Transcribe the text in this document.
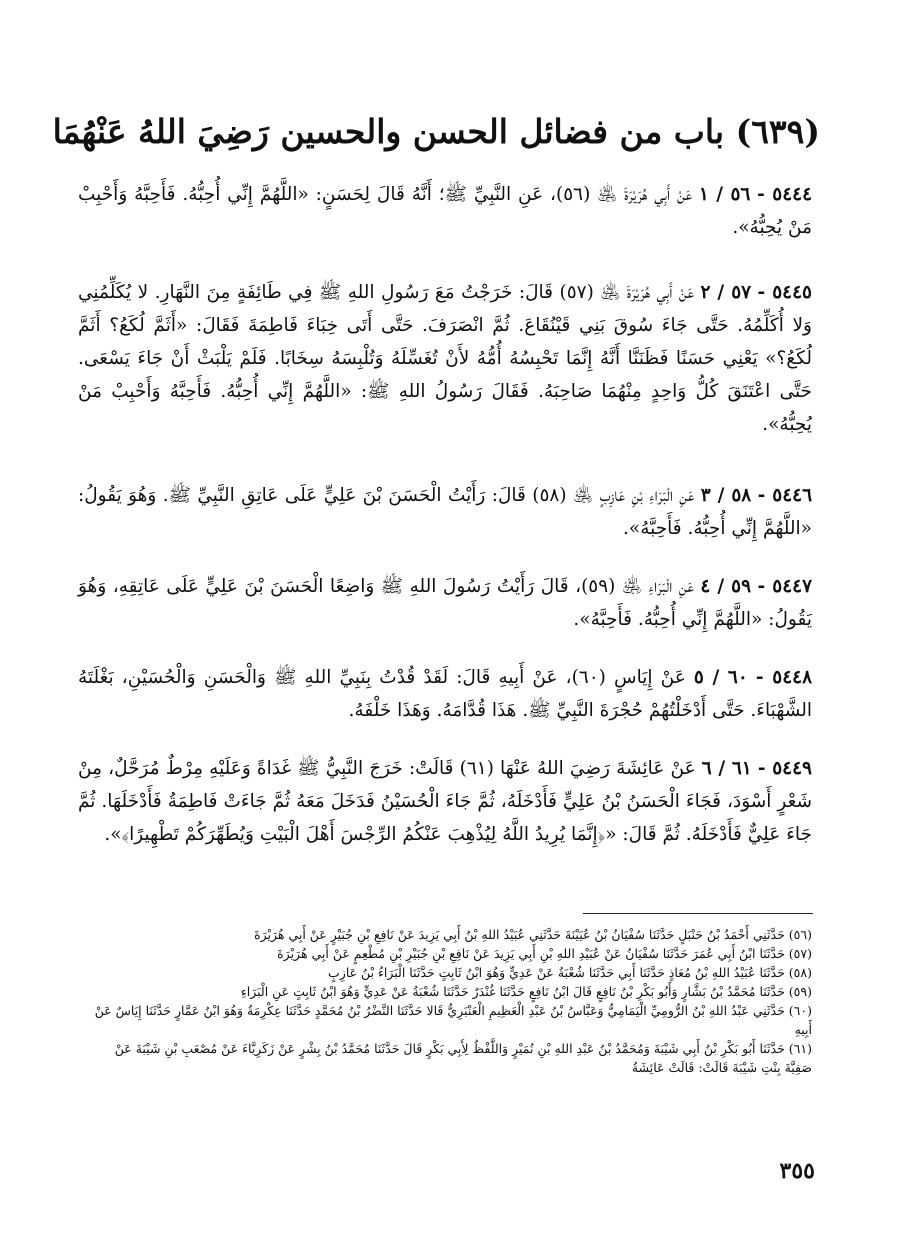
(٦٣٩) باب من فضائل الحسن والحسين رَضِيَ اللهُ عَنْهُمَا
٥٤٤٤ - ٥٦ / ١ عَنْ أَبِي هُرَيْرَةَ ﵁ (٥٦)، عَنِ النَّبِيِّ ﷺ؛ أَنَّهُ قَالَ لِحَسَنٍ: «اللَّهُمَّ إِنِّي أُحِبُّهُ. فَأَحِبَّهُ وَأَحْبِبْ مَنْ يُحِبُّهُ».
٥٤٤٥ - ٥٧ / ٢ عَنْ أَبِي هُرَيْرَةَ ﵁ (٥٧) قَالَ: خَرَجْتُ مَعَ رَسُولِ اللهِ ﷺ فِي طَائِفَةٍ مِنَ النَّهَارِ. لا يُكَلِّمُنِي وَلا أُكَلِّمُهُ. حَتَّى جَاءَ سُوقَ بَنِي قَيْنُقَاعَ. ثُمَّ انْصَرَفَ. حَتَّى أَتَى خِبَاءَ فَاطِمَةَ فَقَالَ: «أَثَمَّ لُكَعُ؟ أَثَمَّ لُكَعُ؟» يَعْنِي حَسَنًا فَظَنَنَّا أَنَّهُ إِنَّمَا تَحْبِسُهُ أُمُّهُ لأَنْ تُغَسِّلَهُ وَتُلْبِسَهُ سِخَابًا. فَلَمْ يَلْبَثْ أَنْ جَاءَ يَسْعَى. حَتَّى اعْتَنَقَ كُلُّ وَاحِدٍ مِنْهُمَا صَاحِبَهُ. فَقَالَ رَسُولُ اللهِ ﷺ: «اللَّهُمَّ إِنِّي أُحِبُّهُ. فَأَحِبَّهُ وَأَحْبِبْ مَنْ يُحِبُّهُ».
٥٤٤٦ - ٥٨ / ٣ عَنِ الْبَرَاءِ بْنِ عَازِبٍ ﵁ (٥٨) قَالَ: رَأَيْتُ الْحَسَنَ بْنَ عَلِيٍّ عَلَى عَاتِقِ النَّبِيِّ ﷺ. وَهُوَ يَقُولُ: «اللَّهُمَّ إِنِّي أُحِبُّهُ. فَأَحِبَّهُ».
٥٤٤٧ - ٥٩ / ٤ عَنِ الْبَرَاءِ ﵁ (٥٩)، قَالَ رَأَيْتُ رَسُولَ اللهِ ﷺ وَاضِعًا الْحَسَنَ بْنَ عَلِيٍّ عَلَى عَاتِقِهِ، وَهُوَ يَقُولُ: «اللَّهُمَّ إِنِّي أُحِبُّهُ. فَأَحِبَّهُ».
٥٤٤٨ - ٦٠ / ٥ عَنْ إِيَاسٍ (٦٠)، عَنْ أَبِيهِ قَالَ: لَقَدْ قُدْتُ بِنَبِيِّ اللهِ ﷺ وَالْحَسَنِ وَالْحُسَيْنِ، بَغْلَتَهُ الشَّهْبَاءَ. حَتَّى أَدْخَلْتُهُمْ حُجْرَةَ النَّبِيِّ ﷺ. هَذَا قُدَّامَهُ. وَهَذَا خَلْفَهُ.
٥٤٤٩ - ٦١ / ٦ عَنْ عَائِشَةَ رَضِيَ اللهُ عَنْهَا (٦١) قَالَتْ: خَرَجَ النَّبِيُّ ﷺ غَدَاةً وَعَلَيْهِ مِرْطٌ مُرَحَّلٌ، مِنْ شَعْرٍ أَسْوَدَ، فَجَاءَ الْحَسَنُ بْنُ عَلِيٍّ فَأَدْخَلَهُ، ثُمَّ جَاءَ الْحُسَيْنُ فَدَخَلَ مَعَهُ ثُمَّ جَاءَتْ فَاطِمَةُ فَأَدْخَلَهَا. ثُمَّ جَاءَ عَلِيٌّ فَأَدْخَلَهُ. ثُمَّ قَالَ: «﴿إِنَّمَا يُرِيدُ اللَّهُ لِيُذْهِبَ عَنْكُمُ الرِّجْسَ أَهْلَ الْبَيْتِ وَيُطَهِّرَكُمْ تَطْهِيرًا﴾».

(٥٦) حَدَّثَنِي أَحْمَدُ بْنُ حَنْبَلٍ حَدَّثَنَا سُفْيَانُ بْنُ عُيَيْنَةَ حَدَّثَنِي عُبَيْدُ اللهِ بْنُ أَبِي يَزِيدَ عَنْ نَافِعِ بْنِ جُبَيْرٍ عَنْ أَبِي هُرَيْرَةَ

(٥٧) حَدَّثَنَا ابْنُ أَبِي عُمَرَ حَدَّثَنَا سُفْيَانُ عَنْ عُبَيْدِ اللهِ بْنِ أَبِي يَزِيدَ عَنْ نَافِعِ بْنِ جُبَيْرِ بْنِ مُطْعِمٍ عَنْ أَبِي هُرَيْرَةَ

(٥٨) حَدَّثَنَا عُبَيْدُ اللهِ بْنُ مُعَاذٍ حَدَّثَنَا أَبِي حَدَّثَنَا شُعْبَةُ عَنْ عَدِيٍّ وَهُوَ ابْنُ ثَابِتٍ حَدَّثَنَا الْبَرَاءُ بْنُ عَازِبٍ

(٥٩) حَدَّثَنَا مُحَمَّدُ بْنُ بَشَّارٍ وَأَبُو بَكْرِ بْنُ نَافِعٍ قَالَ ابْنُ نَافِعٍ حَدَّثَنَا غُنْدَرٌ حَدَّثَنَا شُعْبَةُ عَنْ عَدِيٍّ وَهُوَ ابْنُ ثَابِتٍ عَنِ الْبَرَاءِ

(٦٠) حَدَّثَنِي عَبْدُ اللهِ بْنُ الرُّومِيِّ الْيَمَامِيُّ وَعَبَّاسُ بْنُ عَبْدِ الْعَظِيمِ الْعَنْبَرِيُّ قَالا حَدَّثَنَا النَّضْرُ بْنُ مُحَمَّدٍ حَدَّثَنَا عِكْرِمَةُ وَهُوَ ابْنُ عَمَّارٍ حَدَّثَنَا إِيَاسٌ عَنْ أَبِيهِ

(٦١) حَدَّثَنَا أَبُو بَكْرِ بْنُ أَبِي شَيْبَةَ وَمُحَمَّدُ بْنُ عَبْدِ اللهِ بْنِ نُمَيْرٍ وَاللَّفْظُ لِأَبِي بَكْرٍ قَالَ حَدَّثَنَا مُحَمَّدُ بْنُ بِشْرٍ عَنْ زَكَرِيَّاءَ عَنْ مُصْعَبِ بْنِ شَيْبَةَ عَنْ صَفِيَّةَ بِنْتِ شَيْبَةَ قَالَتْ: قَالَتْ عَائِشَةُ

٣٥٥
